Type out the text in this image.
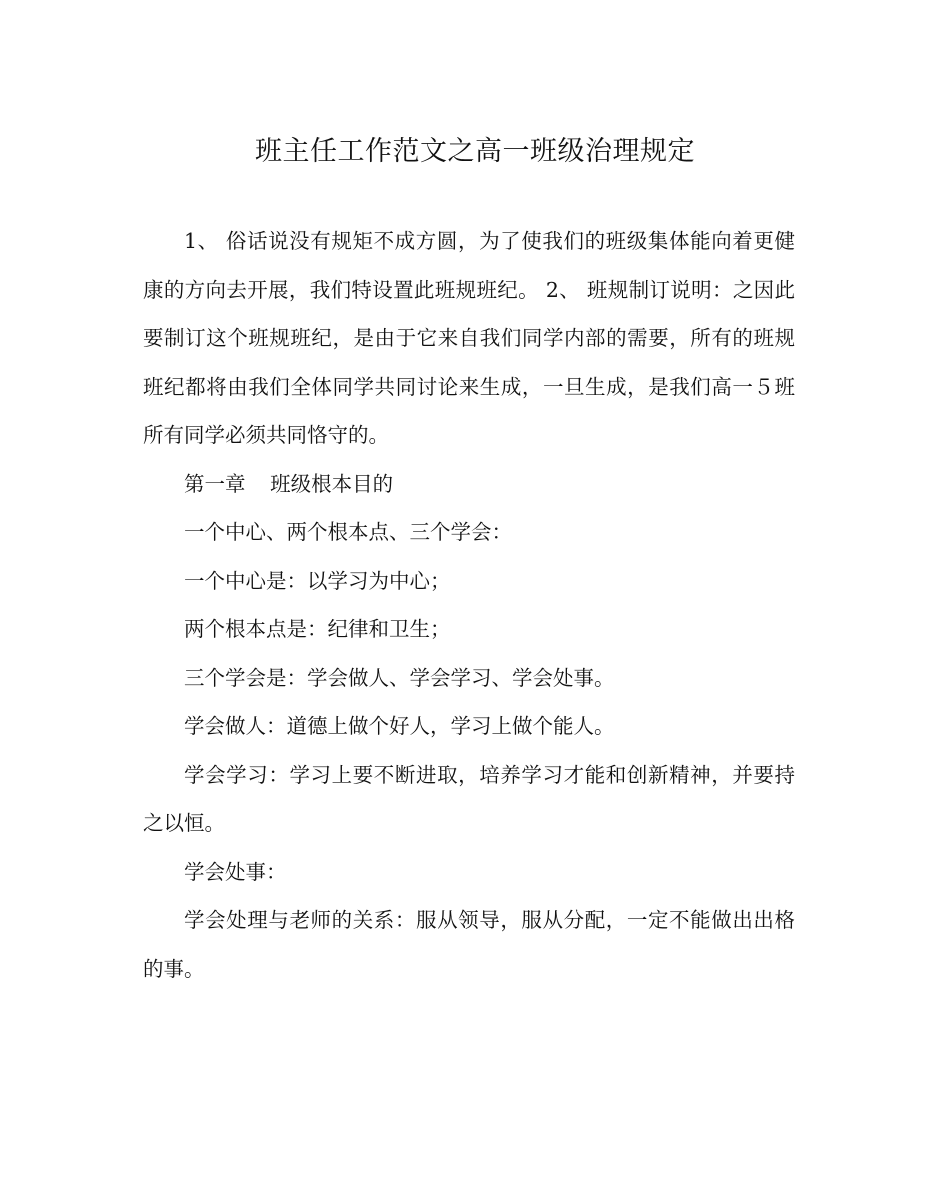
班主任工作范文之高一班级治理规定

1、 俗话说没有规矩不成方圆，为了使我们的班级集体能向着更健康的方向去开展，我们特设置此班规班纪。 2、 班规制订说明：之因此要制订这个班规班纪，是由于它来自我们同学内部的需要，所有的班规班纪都将由我们全体同学共同讨论来生成，一旦生成，是我们高一５班所有同学必须共同恪守的。

第一章 班级根本目的

一个中心、两个根本点、三个学会：

一个中心是：以学习为中心；

两个根本点是：纪律和卫生；

三个学会是：学会做人、学会学习、学会处事。

学会做人：道德上做个好人，学习上做个能人。

学会学习：学习上要不断进取，培养学习才能和创新精神，并要持之以恒。

学会处事：

学会处理与老师的关系：服从领导，服从分配，一定不能做出出格的事。
